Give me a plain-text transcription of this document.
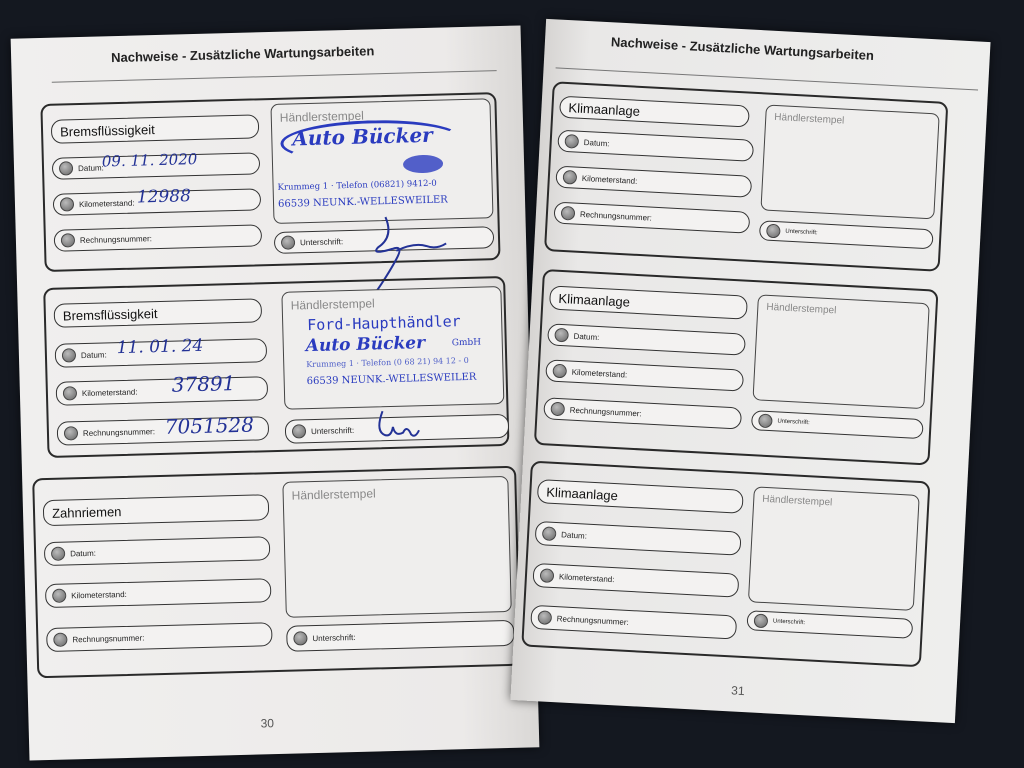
Nachweise - Zusätzliche Wartungsarbeiten
Bremsflüssigkeit
Datum:
09. 11. 2020
Kilometerstand: 12988
Rechnungsnummer:
Händlerstempel
Auto Bücker
Krummeg 1 · Telefon (06821) 9412-0
66539 NEUNK.-WELLESWEILER
Unterschrift:
Bremsflüssigkeit
Datum: 11. 01. 24
Kilometerstand: 37891
Rechnungsnummer: 7051528
Händlerstempel
Ford-Haupthändler
Auto Bücker	GmbH
Krummeg 1 · Telefon (0 68 21) 94 12 - 0
66539 NEUNK.-WELLESWEILER
Unterschrift:
Zahnriemen
Datum:
Kilometerstand:
Rechnungsnummer:
Händlerstempel
Unterschrift:
30
Nachweise - Zusätzliche Wartungsarbeiten
Klimaanlage
Datum:
Kilometerstand:
Rechnungsnummer:
Händlerstempel
Unterschrift:
Klimaanlage
Datum:
Kilometerstand:
Rechnungsnummer:
Händlerstempel
Unterschrift:
Klimaanlage
Datum:
Kilometerstand:
Rechnungsnummer:
Händlerstempel
Unterschrift:
31
